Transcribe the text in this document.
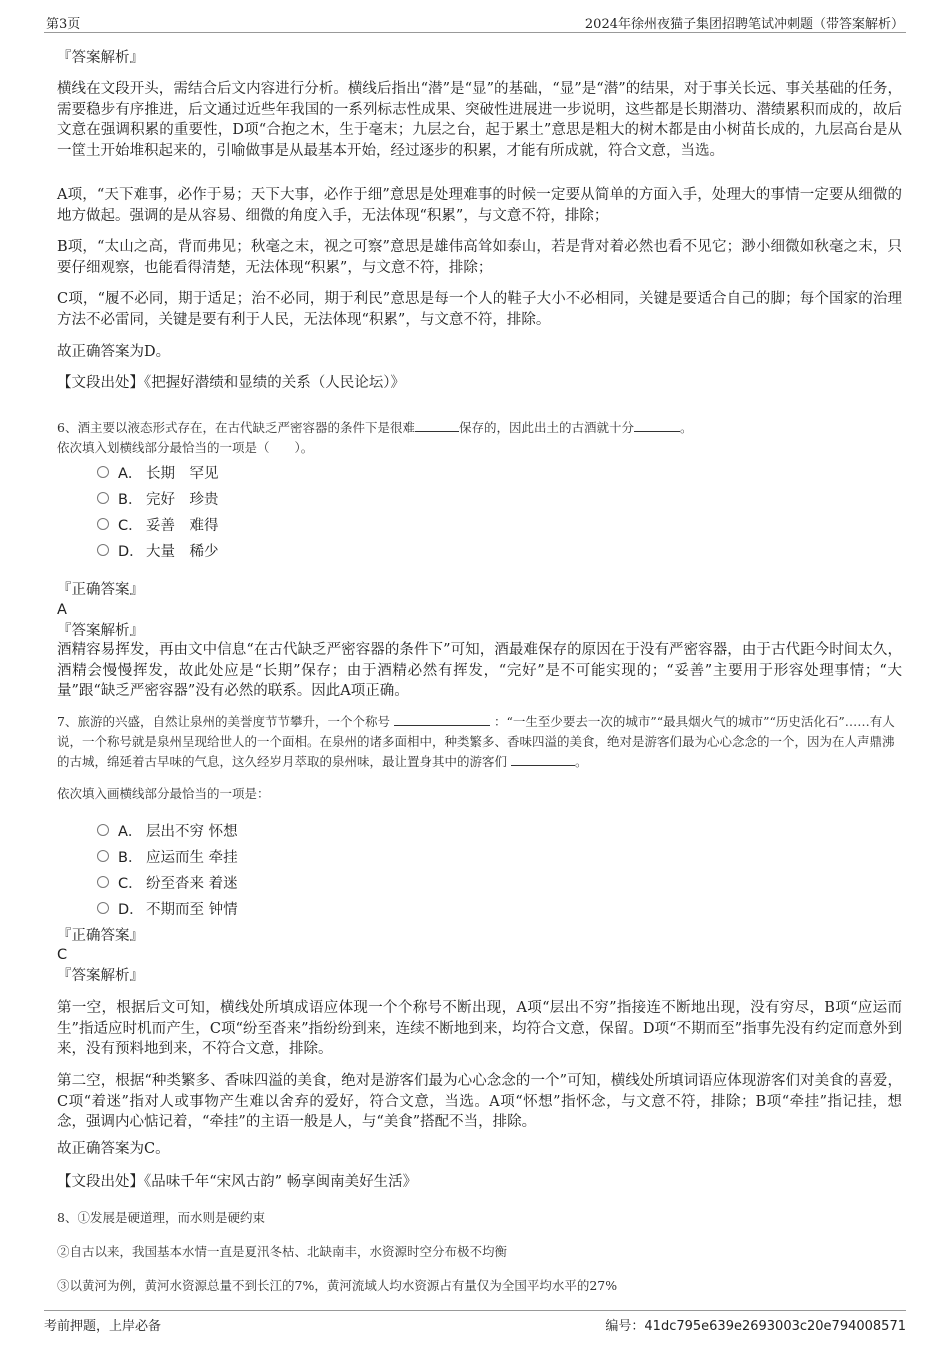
第3页	2024年徐州夜猫子集团招聘笔试冲刺题（带答案解析）

『答案解析』

横线在文段开头，需结合后文内容进行分析。横线后指出“潜”是“显”的基础，“显”是“潜”的结果，对于事关长远、事关基础的任务，需要稳步有序推进，后文通过近些年我国的一系列标志性成果、突破性进展进一步说明，这些都是长期潜功、潜绩累积而成的，故后文意在强调积累的重要性，D项“合抱之木，生于毫末；九层之台，起于累土”意思是粗大的树木都是由小树苗长成的，九层高台是从一筐土开始堆积起来的，引喻做事是从最基本开始，经过逐步的积累，才能有所成就，符合文意，当选。

A项，“天下难事，必作于易；天下大事，必作于细”意思是处理难事的时候一定要从简单的方面入手，处理大的事情一定要从细微的地方做起。强调的是从容易、细微的角度入手，无法体现“积累”，与文意不符，排除；

B项，“太山之高，背而弗见；秋毫之末，视之可察”意思是雄伟高耸如泰山，若是背对着必然也看不见它；渺小细微如秋毫之末，只要仔细观察，也能看得清楚，无法体现“积累”，与文意不符，排除；

C项，“履不必同，期于适足；治不必同，期于利民”意思是每一个人的鞋子大小不必相同，关键是要适合自己的脚；每个国家的治理方法不必雷同，关键是要有利于人民，无法体现“积累”，与文意不符，排除。

故正确答案为D。

【文段出处】《把握好潜绩和显绩的关系（人民论坛）》

6、酒主要以液态形式存在，在古代缺乏严密容器的条件下是很难	保存的，因此出土的古酒就十分	。
依次填入划横线部分最恰当的一项是（　　）。
A． 长期　罕见
B． 完好　珍贵
C． 妥善　难得
D． 大量　稀少

『正确答案』

A

『答案解析』

酒精容易挥发，再由文中信息“在古代缺乏严密容器的条件下”可知，酒最难保存的原因在于没有严密容器，由于古代距今时间太久，酒精会慢慢挥发，故此处应是“长期”保存；由于酒精必然有挥发，“完好”是不可能实现的；“妥善”主要用于形容处理事情；“大量”跟“缺乏严密容器”没有必然的联系。因此A项正确。

7、旅游的兴盛，自然让泉州的美誉度节节攀升，一个个称号	：“一生至少要去一次的城市”“最具烟火气的城市”“历史活化石”……有人说，一个称号就是泉州呈现给世人的一个面相。在泉州的诸多面相中，种类繁多、香味四溢的美食，绝对是游客们最为心心念念的一个，因为在人声鼎沸的古城，绵延着古早味的气息，这久经岁月萃取的泉州味，最让置身其中的游客们	。
依次填入画横线部分最恰当的一项是：
A． 层出不穷 怀想
B． 应运而生 牵挂
C． 纷至沓来 着迷
D． 不期而至 钟情

『正确答案』

C

『答案解析』

第一空，根据后文可知，横线处所填成语应体现一个个称号不断出现，A项“层出不穷”指接连不断地出现，没有穷尽，B项“应运而生”指适应时机而产生，C项“纷至沓来”指纷纷到来，连续不断地到来，均符合文意，保留。D项“不期而至”指事先没有约定而意外到来，没有预料地到来，不符合文意，排除。

第二空，根据“种类繁多、香味四溢的美食，绝对是游客们最为心心念念的一个”可知，横线处所填词语应体现游客们对美食的喜爱，C项“着迷”指对人或事物产生难以舍弃的爱好，符合文意，当选。A项“怀想”指怀念，与文意不符，排除；B项“牵挂”指记挂，想念，强调内心惦记着，“牵挂”的主语一般是人，与“美食”搭配不当，排除。

故正确答案为C。

【文段出处】《品味千年“宋风古韵” 畅享闽南美好生活》

8、①发展是硬道理，而水则是硬约束
②自古以来，我国基本水情一直是夏汛冬枯、北缺南丰，水资源时空分布极不均衡
③以黄河为例，黄河水资源总量不到长江的7%，黄河流域人均水资源占有量仅为全国平均水平的27%
考前押题，上岸必备	编号：41dc795e639e2693003c20e794008571
